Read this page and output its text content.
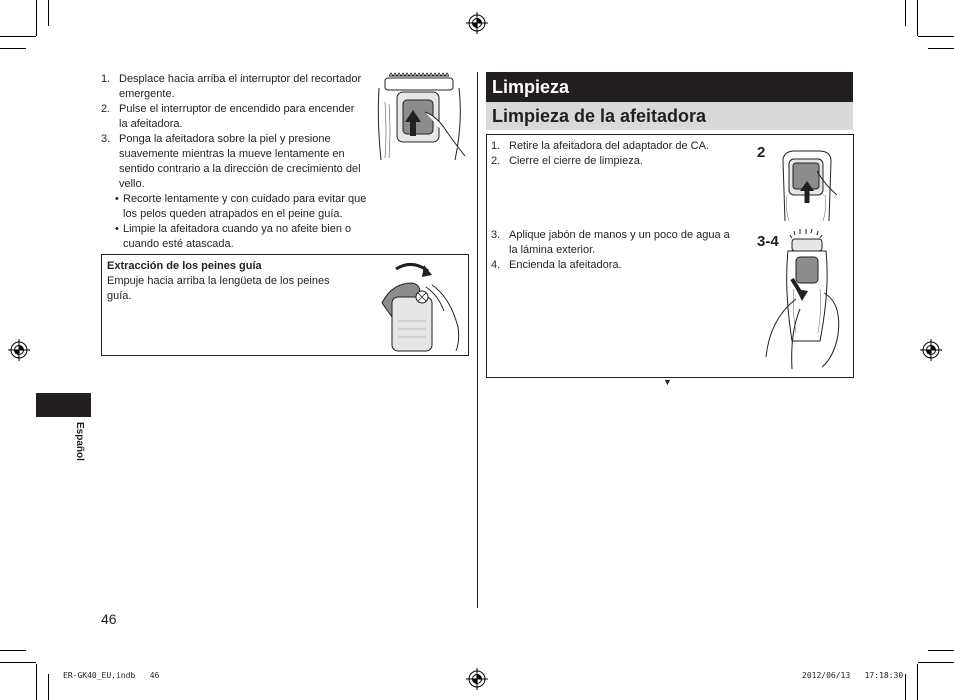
1. Desplace hacia arriba el interruptor del recortador emergente.
2. Pulse el interruptor de encendido para encender la afeitadora.
3. Ponga la afeitadora sobre la piel y presione suavemente mientras la mueve lentamente en sentido contrario a la dirección de crecimiento del vello.
• Recorte lentamente y con cuidado para evitar que los pelos queden atrapados en el peine guía.
• Limpie la afeitadora cuando ya no afeite bien o cuando esté atascada.
Extracción de los peines guía
Empuje hacia arriba la lengüeta de los peines guía.
Español
46
Limpieza
Limpieza de la afeitadora
1. Retire la afeitadora del adaptador de CA.
2. Cierre el cierre de limpieza.
3. Aplique jabón de manos y un poco de agua a la lámina exterior.
4. Encienda la afeitadora.
2
3-4
▼
ER-GK40_EU.indb   46	2012/06/13   17:18:30
